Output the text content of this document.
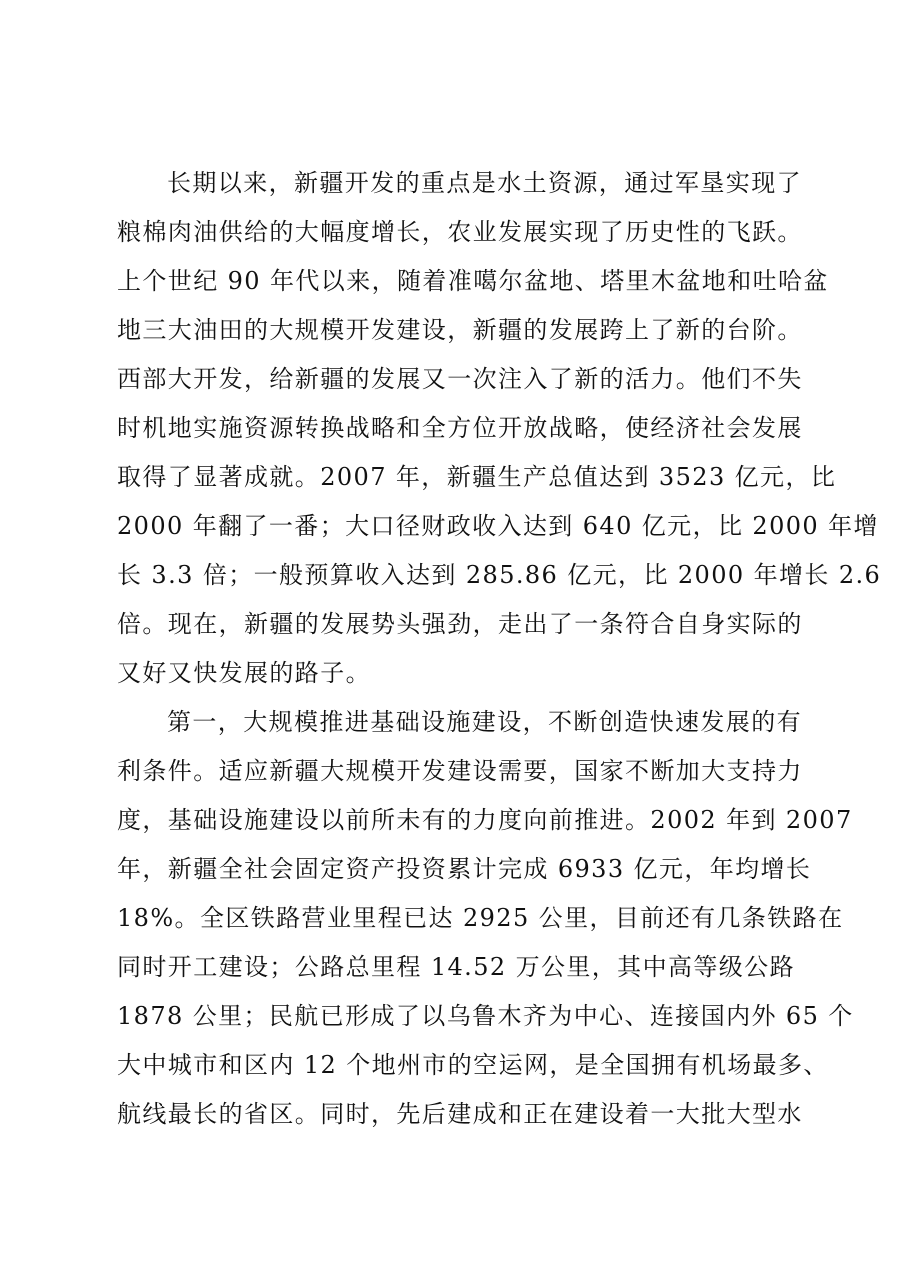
长期以来，新疆开发的重点是水土资源，通过军垦实现了
粮棉肉油供给的大幅度增长，农业发展实现了历史性的飞跃。
上个世纪 90 年代以来，随着准噶尔盆地、塔里木盆地和吐哈盆
地三大油田的大规模开发建设，新疆的发展跨上了新的台阶。
西部大开发，给新疆的发展又一次注入了新的活力。他们不失
时机地实施资源转换战略和全方位开放战略，使经济社会发展
取得了显著成就。2007 年，新疆生产总值达到 3523 亿元，比
2000 年翻了一番；大口径财政收入达到 640 亿元，比 2000 年增
长 3.3 倍；一般预算收入达到 285.86 亿元，比 2000 年增长 2.6
倍。现在，新疆的发展势头强劲，走出了一条符合自身实际的
又好又快发展的路子。
第一，大规模推进基础设施建设，不断创造快速发展的有
利条件。适应新疆大规模开发建设需要，国家不断加大支持力
度，基础设施建设以前所未有的力度向前推进。2002 年到 2007
年，新疆全社会固定资产投资累计完成 6933 亿元，年均增长
18%。全区铁路营业里程已达 2925 公里，目前还有几条铁路在
同时开工建设；公路总里程 14.52 万公里，其中高等级公路
1878 公里；民航已形成了以乌鲁木齐为中心、连接国内外 65 个
大中城市和区内 12 个地州市的空运网，是全国拥有机场最多、
航线最长的省区。同时，先后建成和正在建设着一大批大型水
